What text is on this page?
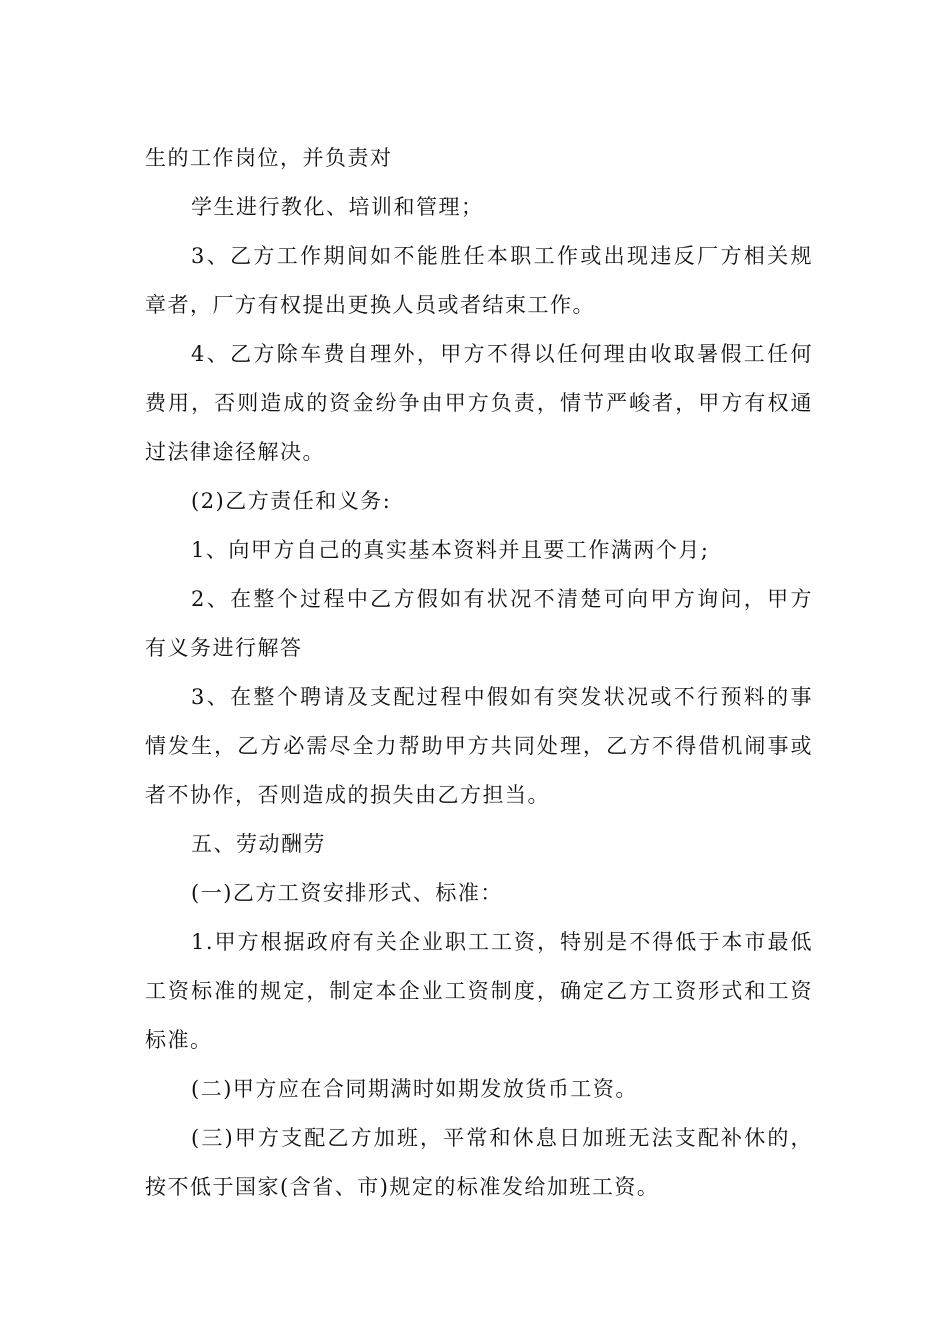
生的工作岗位，并负责对

学生进行教化、培训和管理；

3、乙方工作期间如不能胜任本职工作或出现违反厂方相关规章者，厂方有权提出更换人员或者结束工作。

4、乙方除车费自理外，甲方不得以任何理由收取暑假工任何费用，否则造成的资金纷争由甲方负责，情节严峻者，甲方有权通过法律途径解决。

(2)乙方责任和义务:

1、向甲方自己的真实基本资料并且要工作满两个月;

2、在整个过程中乙方假如有状况不清楚可向甲方询问，甲方有义务进行解答

3、在整个聘请及支配过程中假如有突发状况或不行预料的事情发生，乙方必需尽全力帮助甲方共同处理，乙方不得借机闹事或者不协作，否则造成的损失由乙方担当。

五、劳动酬劳

(一)乙方工资安排形式、标准：

1.甲方根据政府有关企业职工工资，特别是不得低于本市最低工资标准的规定，制定本企业工资制度，确定乙方工资形式和工资标准。

(二)甲方应在合同期满时如期发放货币工资。

(三)甲方支配乙方加班，平常和休息日加班无法支配补休的，按不低于国家(含省、市)规定的标准发给加班工资。
